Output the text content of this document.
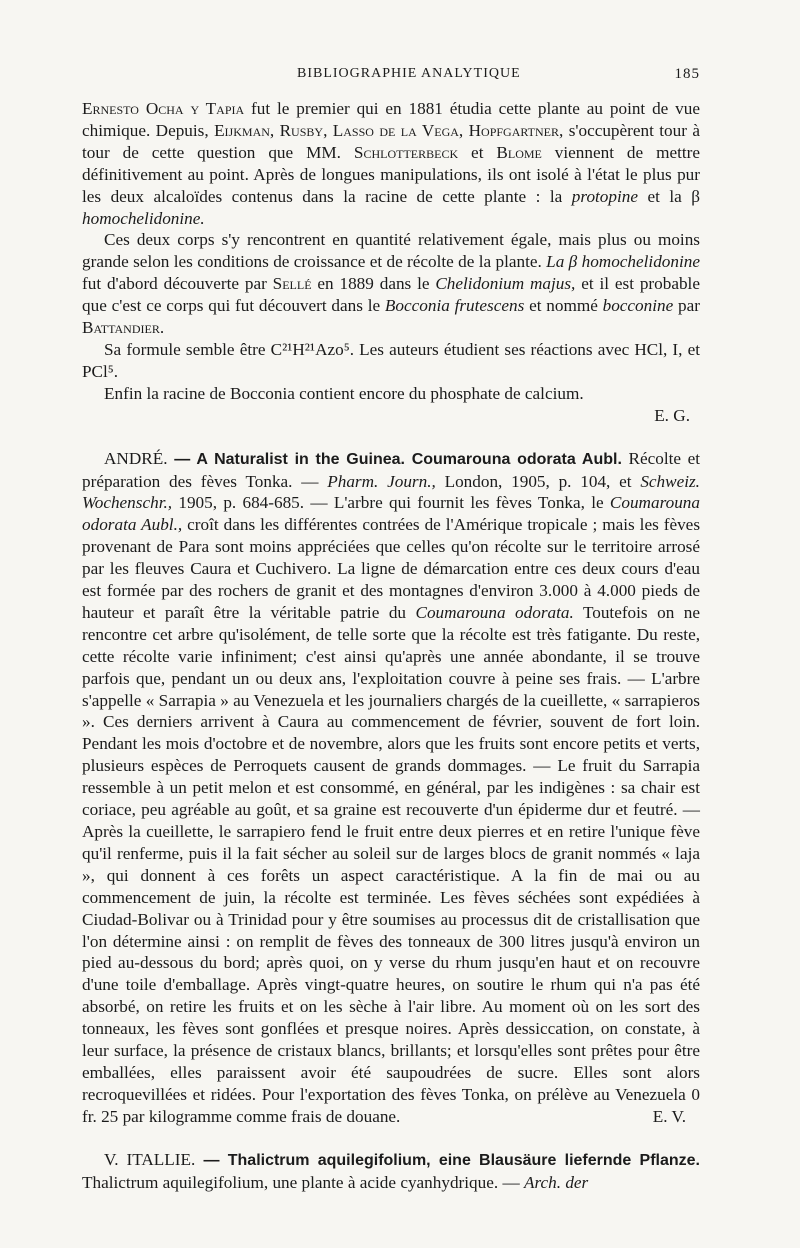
BIBLIOGRAPHIE ANALYTIQUE	185

Ernesto Ocha y Tapia fut le premier qui en 1881 étudia cette plante au point de vue chimique. Depuis, Eijkman, Rusby, Lasso de la Vega, Hopfgartner, s'occupèrent tour à tour de cette question que MM. Schlotterbeck et Blome viennent de mettre définitivement au point. Après de longues manipulations, ils ont isolé à l'état le plus pur les deux alcaloïdes contenus dans la racine de cette plante : la protopine et la β homochelidonine.

Ces deux corps s'y rencontrent en quantité relativement égale, mais plus ou moins grande selon les conditions de croissance et de récolte de la plante. La β homochelidonine fut d'abord découverte par Sellé en 1889 dans le Chelidonium majus, et il est probable que c'est ce corps qui fut découvert dans le Bocconia frutescens et nommé bocconine par Battandier.

Sa formule semble être C²¹H²¹Azo⁵. Les auteurs étudient ses réactions avec HCl, I, et PCl⁵.

Enfin la racine de Bocconia contient encore du phosphate de calcium.

E. G.

ANDRÉ. — A Naturalist in the Guinea. Coumarouna odorata Aubl. Récolte et préparation des fèves Tonka. — Pharm. Journ., London, 1905, p. 104, et Schweiz. Wochenschr., 1905, p. 684-685. — L'arbre qui fournit les fèves Tonka, le Coumarouna odorata Aubl., croît dans les différentes contrées de l'Amérique tropicale ; mais les fèves provenant de Para sont moins appréciées que celles qu'on récolte sur le territoire arrosé par les fleuves Caura et Cuchivero. La ligne de démarcation entre ces deux cours d'eau est formée par des rochers de granit et des montagnes d'environ 3.000 à 4.000 pieds de hauteur et paraît être la véritable patrie du Coumarouna odorata. Toutefois on ne rencontre cet arbre qu'isolément, de telle sorte que la récolte est très fatigante. Du reste, cette récolte varie infiniment; c'est ainsi qu'après une année abondante, il se trouve parfois que, pendant un ou deux ans, l'exploitation couvre à peine ses frais. — L'arbre s'appelle « Sarrapia » au Venezuela et les journaliers chargés de la cueillette, « sarrapieros ». Ces derniers arrivent à Caura au commencement de février, souvent de fort loin. Pendant les mois d'octobre et de novembre, alors que les fruits sont encore petits et verts, plusieurs espèces de Perroquets causent de grands dommages. — Le fruit du Sarrapia ressemble à un petit melon et est consommé, en général, par les indigènes : sa chair est coriace, peu agréable au goût, et sa graine est recouverte d'un épiderme dur et feutré. — Après la cueillette, le sarrapiero fend le fruit entre deux pierres et en retire l'unique fève qu'il renferme, puis il la fait sécher au soleil sur de larges blocs de granit nommés « laja », qui donnent à ces forêts un aspect caractéristique. A la fin de mai ou au commencement de juin, la récolte est terminée. Les fèves séchées sont expédiées à Ciudad-Bolivar ou à Trinidad pour y être soumises au processus dit de cristallisation que l'on détermine ainsi : on remplit de fèves des tonneaux de 300 litres jusqu'à environ un pied au-dessous du bord; après quoi, on y verse du rhum jusqu'en haut et on recouvre d'une toile d'emballage. Après vingt-quatre heures, on soutire le rhum qui n'a pas été absorbé, on retire les fruits et on les sèche à l'air libre. Au moment où on les sort des tonneaux, les fèves sont gonflées et presque noires. Après dessiccation, on constate, à leur surface, la présence de cristaux blancs, brillants; et lorsqu'elles sont prêtes pour être emballées, elles paraissent avoir été saupoudrées de sucre. Elles sont alors recroquevillées et ridées. Pour l'exportation des fèves Tonka, on prélève au Venezuela 0 fr. 25 par kilogramme comme frais de douane.	E. V.

V. ITALLIE. — Thalictrum aquilegifolium, eine Blausäure liefernde Pflanze. Thalictrum aquilegifolium, une plante à acide cyanhydrique. — Arch. der
